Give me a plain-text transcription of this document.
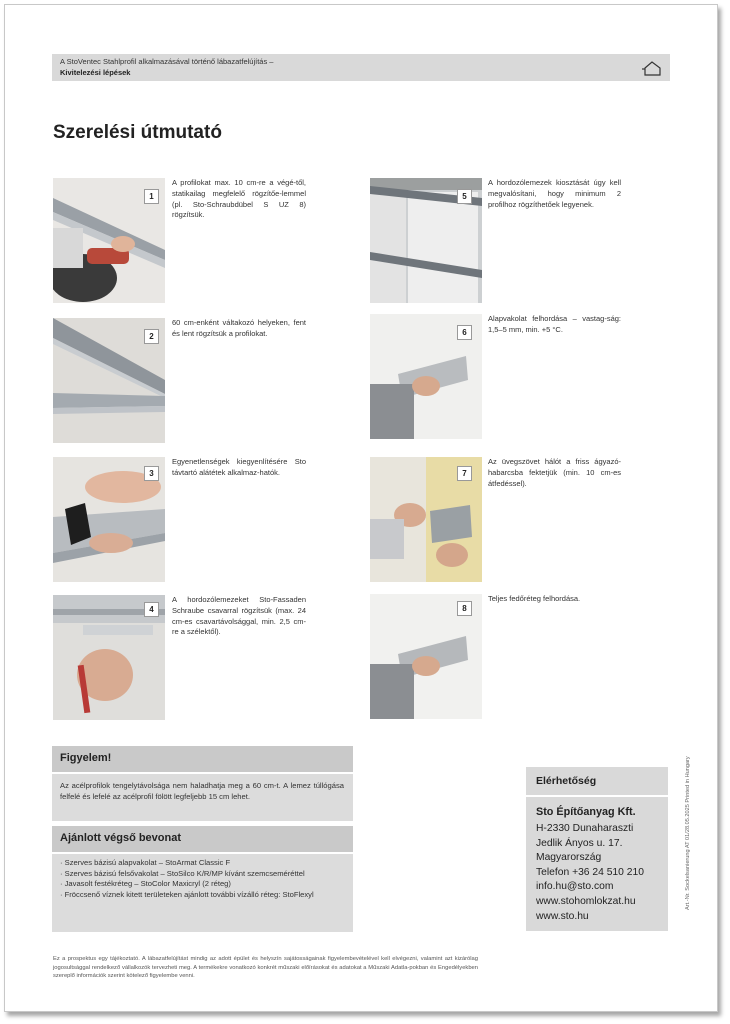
A StoVentec Stahlprofil alkalmazásával történő lábazatfelújítás –
Kivitelezési lépések
Szerelési útmutató
1
A profilokat max. 10 cm-re a végé-től, statikailag megfelelő rögzítőe-lemmel (pl. Sto-Schraubdübel S UZ 8) rögzítsük.
2
60 cm-enként váltakozó helyeken, fent és lent rögzítsük a profilokat.
3
Egyenetlenségek kiegyenlítésére Sto távtartó alátétek alkalmaz-hatók.
4
A hordozólemezeket Sto-Fassaden Schraube csavarral rögzítsük (max. 24 cm-es csavartávolsággal, min. 2,5 cm-re a szélektől).
5
A hordozólemezek kiosztását úgy kell megvalósítani, hogy minimum 2 profilhoz rögzíthetőek legyenek.
6
Alapvakolat felhordása – vastag-ság: 1,5–5 mm, min. +5 °C.
7
Az üvegszövet hálót a friss ágyazó-habarcsba fektetjük (min. 10 cm-es átfedéssel).
8
Teljes fedőréteg felhordása.
Figyelem!

Az acélprofilok tengelytávolsága nem haladhatja meg a 60 cm-t. A lemez túllógása felfelé és lefelé az acélprofil fölött legfeljebb 15 cm lehet.

Ajánlott végső bevonat
· Szerves bázisú alapvakolat – StoArmat Classic F
· Szerves bázisú felsővakolat – StoSilco K/R/MP kívánt szemcseméréttel
· Javasolt festékréteg – StoColor Maxicryl (2 réteg)
· Fröccsenő víznek kitett területeken ajánlott további vízálló réteg: StoFlexyl
Elérhetőség
Sto Építőanyag Kft.
H-2330 Dunaharaszti
Jedlik Ányos u. 17.
Magyarország
Telefon +36 24 510 210
info.hu@sto.com
www.stohomlokzat.hu
www.sto.hu
Art.-Nr. Sockelsanierung AT 01/28.05.2025 Printed in Hungary
Ez a prospektus egy tájékoztató. A lábazatfelújítást mindig az adott épület és helyszín sajátosságainak figyelembevételével kell elvégezni, valamint azt kizárólag jogosultsággal rendelkező vállalkozók tervezheti meg. A termékekre vonatkozó konkrét műszaki előírásokat és adatokat a Műszaki Adatla-pokban és Engedélyekben szereplő információk szerint kötelező figyelembe venni.
